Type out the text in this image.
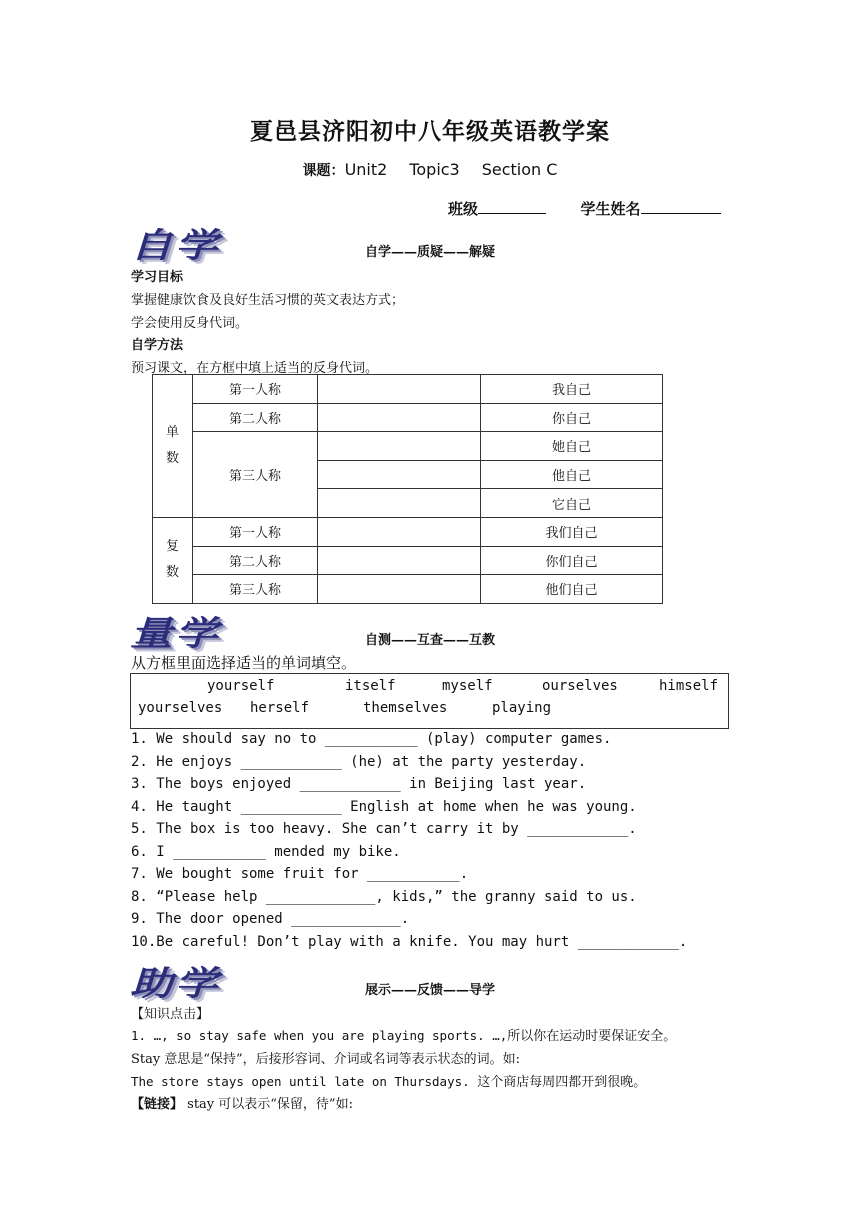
夏邑县济阳初中八年级英语教学案
课题：Unit2 Topic3 Section C
班级	学生姓名
自学	自学——质疑——解疑
学习目标
掌握健康饮食及良好生活习惯的英文表达方式；
学会使用反身代词。
自学方法
预习课文，在方框中填上适当的反身代词。
单
数	第一人称		我自己
	第二人称		你自己
	第三人称		她自己
			他自己
			它自己
复
数	第一人称		我们自己
	第二人称		你们自己
	第三人称		他们自己
量学	自测——互查——互教
从方框里面选择适当的单词填空。
yourself	itself	myself	ourselves	himself
yourselves herself	themselves	playing
1. We should say no to ___________ (play) computer games.
2. He enjoys ____________ (he) at the party yesterday.
3. The boys enjoyed ____________ in Beijing last year.
4. He taught ____________ English at home when he was young.
5. The box is too heavy. She can’t carry it by ____________.
6. I ___________ mended my bike.
7. We bought some fruit for ___________.
8. “Please help _____________, kids,” the granny said to us.
9. The door opened _____________.
10.Be careful! Don’t play with a knife. You may hurt ____________.
助学	展示——反馈——导学
【知识点击】
1. …, so stay safe when you are playing sports. …,所以你在运动时要保证安全。
Stay 意思是“保持”，后接形容词、介词或名词等表示状态的词。如:
The store stays open until late on Thursdays. 这个商店每周四都开到很晚。
【链接】 stay 可以表示“保留，待”如:
